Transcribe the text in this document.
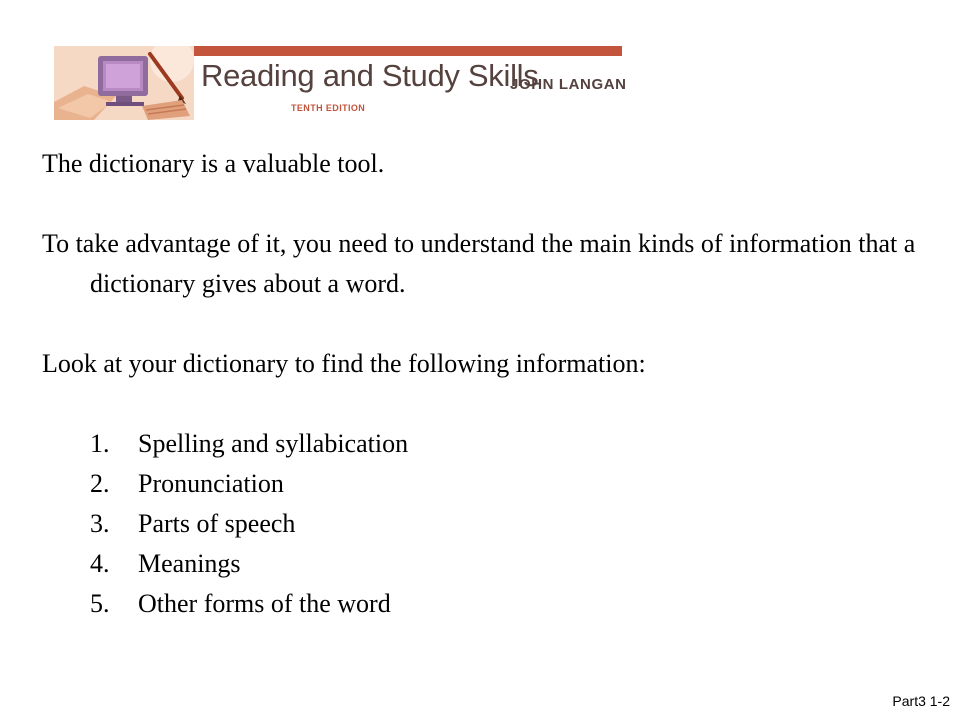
Reading and Study Skills
TENTH EDITION
JOHN LANGAN

The dictionary is a valuable tool.

To take advantage of it, you need to understand the main kinds of information that a dictionary gives about a word.

Look at your dictionary to find the following information:

1. Spelling and syllabication
2. Pronunciation
3. Parts of speech
4. Meanings
5. Other forms of the word
Part3 1-2
